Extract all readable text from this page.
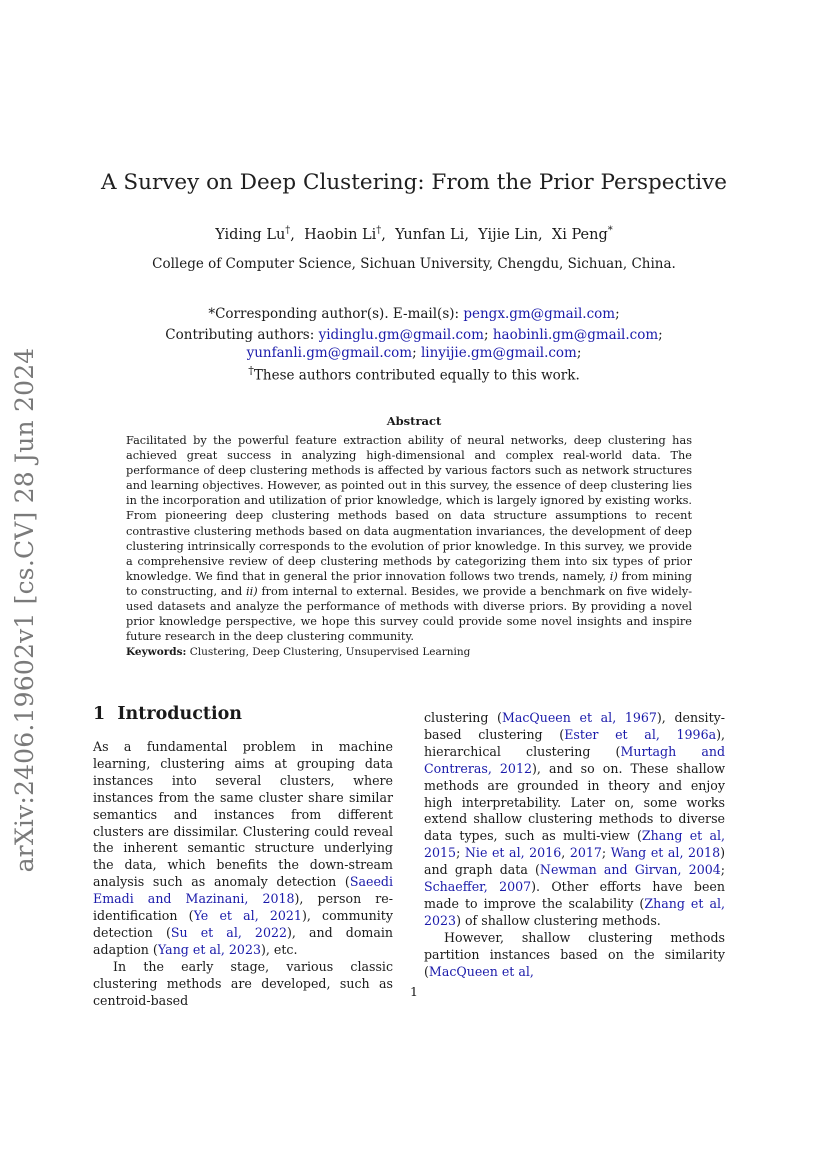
arXiv:2406.19602v1 [cs.CV] 28 Jun 2024
A Survey on Deep Clustering: From the Prior Perspective
Yiding Lu†,  Haobin Li†,  Yunfan Li,  Yijie Lin,  Xi Peng*
College of Computer Science, Sichuan University, Chengdu, Sichuan, China.
*Corresponding author(s). E-mail(s): pengx.gm@gmail.com;
Contributing authors: yidinglu.gm@gmail.com; haobinli.gm@gmail.com;
yunfanli.gm@gmail.com; linyijie.gm@gmail.com;
†These authors contributed equally to this work.
Abstract

Facilitated by the powerful feature extraction ability of neural networks, deep clustering has achieved great success in analyzing high-dimensional and complex real-world data. The performance of deep clustering methods is affected by various factors such as network structures and learning objectives. However, as pointed out in this survey, the essence of deep clustering lies in the incorporation and utilization of prior knowledge, which is largely ignored by existing works. From pioneering deep clustering methods based on data structure assumptions to recent contrastive clustering methods based on data augmentation invariances, the development of deep clustering intrinsically corresponds to the evolution of prior knowledge. In this survey, we provide a comprehensive review of deep clustering methods by categorizing them into six types of prior knowledge. We find that in general the prior innovation follows two trends, namely, i) from mining to constructing, and ii) from internal to external. Besides, we provide a benchmark on five widely-used datasets and analyze the performance of methods with diverse priors. By providing a novel prior knowledge perspective, we hope this survey could provide some novel insights and inspire future research in the deep clustering community.

Keywords: Clustering, Deep Clustering, Unsupervised Learning
1 Introduction

As a fundamental problem in machine learning, clustering aims at grouping data instances into several clusters, where instances from the same cluster share similar semantics and instances from different clusters are dissimilar. Clustering could reveal the inherent semantic structure underlying the data, which benefits the down-stream analysis such as anomaly detection (Saeedi Emadi and Mazinani, 2018), person re-identification (Ye et al, 2021), community detection (Su et al, 2022), and domain adaption (Yang et al, 2023), etc.

In the early stage, various classic clustering methods are developed, such as centroid-based

clustering (MacQueen et al, 1967), density-based clustering (Ester et al, 1996a), hierarchical clustering (Murtagh and Contreras, 2012), and so on. These shallow methods are grounded in theory and enjoy high interpretability. Later on, some works extend shallow clustering methods to diverse data types, such as multi-view (Zhang et al, 2015; Nie et al, 2016, 2017; Wang et al, 2018) and graph data (Newman and Girvan, 2004; Schaeffer, 2007). Other efforts have been made to improve the scalability (Zhang et al, 2023) of shallow clustering methods.

However, shallow clustering methods partition instances based on the similarity (MacQueen et al,

1
